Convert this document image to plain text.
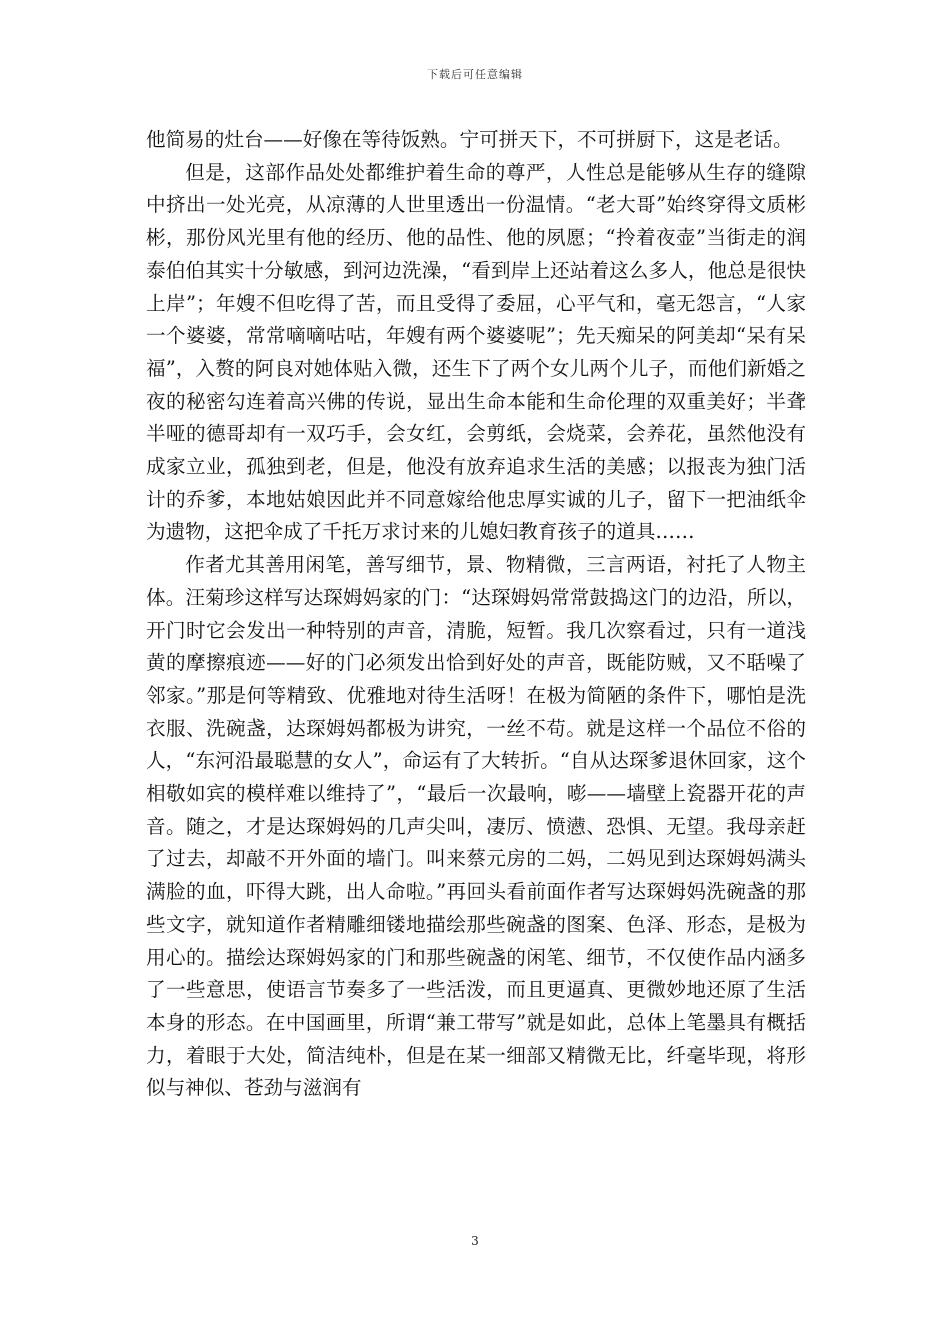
下载后可任意编辑

他简易的灶台——好像在等待饭熟。宁可拼天下，不可拼厨下，这是老话。

但是，这部作品处处都维护着生命的尊严，人性总是能够从生存的缝隙中挤出一处光亮，从凉薄的人世里透出一份温情。“老大哥”始终穿得文质彬彬，那份风光里有他的经历、他的品性、他的夙愿；“拎着夜壶”当街走的润泰伯伯其实十分敏感，到河边洗澡，“看到岸上还站着这么多人，他总是很快上岸”；年嫂不但吃得了苦，而且受得了委屈，心平气和，毫无怨言，“人家一个婆婆，常常嘀嘀咕咕，年嫂有两个婆婆呢”；先天痴呆的阿美却“呆有呆福”，入赘的阿良对她体贴入微，还生下了两个女儿两个儿子，而他们新婚之夜的秘密勾连着高兴佛的传说，显出生命本能和生命伦理的双重美好；半聋半哑的德哥却有一双巧手，会女红，会剪纸，会烧菜，会养花，虽然他没有成家立业，孤独到老，但是，他没有放弃追求生活的美感；以报丧为独门活计的乔爹，本地姑娘因此并不同意嫁给他忠厚实诚的儿子，留下一把油纸伞为遗物，这把伞成了千托万求讨来的儿媳妇教育孩子的道具……

作者尤其善用闲笔，善写细节，景、物精微，三言两语，衬托了人物主体。汪菊珍这样写达琛姆妈家的门：“达琛姆妈常常鼓捣这门的边沿，所以，开门时它会发出一种特别的声音，清脆，短暂。我几次察看过，只有一道浅黄的摩擦痕迹——好的门必须发出恰到好处的声音，既能防贼，又不聒噪了邻家。”那是何等精致、优雅地对待生活呀！在极为简陋的条件下，哪怕是洗衣服、洗碗盏，达琛姆妈都极为讲究，一丝不苟。就是这样一个品位不俗的人，“东河沿最聪慧的女人”，命运有了大转折。“自从达琛爹退休回家，这个相敬如宾的模样难以维持了”，“最后一次最响，嘭——墙壁上瓷器开花的声音。随之，才是达琛姆妈的几声尖叫，凄厉、愤懑、恐惧、无望。我母亲赶了过去，却敲不开外面的墙门。叫来蔡元房的二妈，二妈见到达琛姆妈满头满脸的血，吓得大跳，出人命啦。”再回头看前面作者写达琛姆妈洗碗盏的那些文字，就知道作者精雕细镂地描绘那些碗盏的图案、色泽、形态，是极为用心的。描绘达琛姆妈家的门和那些碗盏的闲笔、细节，不仅使作品内涵多了一些意思，使语言节奏多了一些活泼，而且更逼真、更微妙地还原了生活本身的形态。在中国画里，所谓“兼工带写”就是如此，总体上笔墨具有概括力，着眼于大处，简洁纯朴，但是在某一细部又精微无比，纤毫毕现，将形似与神似、苍劲与滋润有

3
